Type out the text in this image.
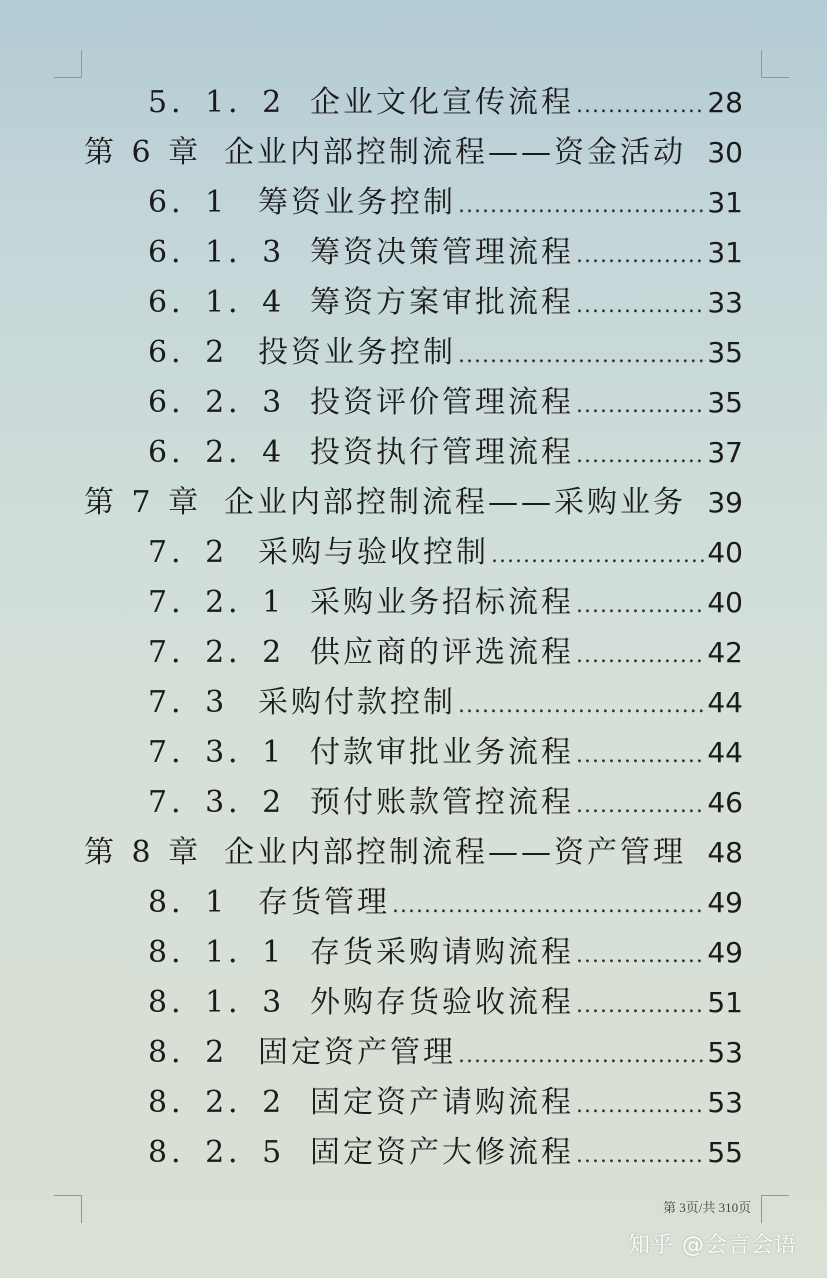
5．1．2 企业文化宣传流程 .....	28
第 6 章 企业内部控制流程——资金活动 30
6．1 筹资业务控制 .....	31
6．1．3 筹资决策管理流程 .....	31
6．1．4 筹资方案审批流程 .....	33
6．2 投资业务控制 .....	35
6．2．3 投资评价管理流程 .....	35
6．2．4 投资执行管理流程 .....	37
第 7 章 企业内部控制流程——采购业务 39
7．2 采购与验收控制 .....	40
7．2．1 采购业务招标流程 .....	40
7．2．2 供应商的评选流程 .....	42
7．3 采购付款控制 .....	44
7．3．1 付款审批业务流程 .....	44
7．3．2 预付账款管控流程 .....	46
第 8 章 企业内部控制流程——资产管理 48
8．1 存货管理 .....	49
8．1．1 存货采购请购流程 .....	49
8．1．3 外购存货验收流程 .....	51
8．2 固定资产管理 .....	53
8．2．2 固定资产请购流程 .....	53
8．2．5 固定资产大修流程 .....	55
第 3页/共 310页
知乎 @会言会语
